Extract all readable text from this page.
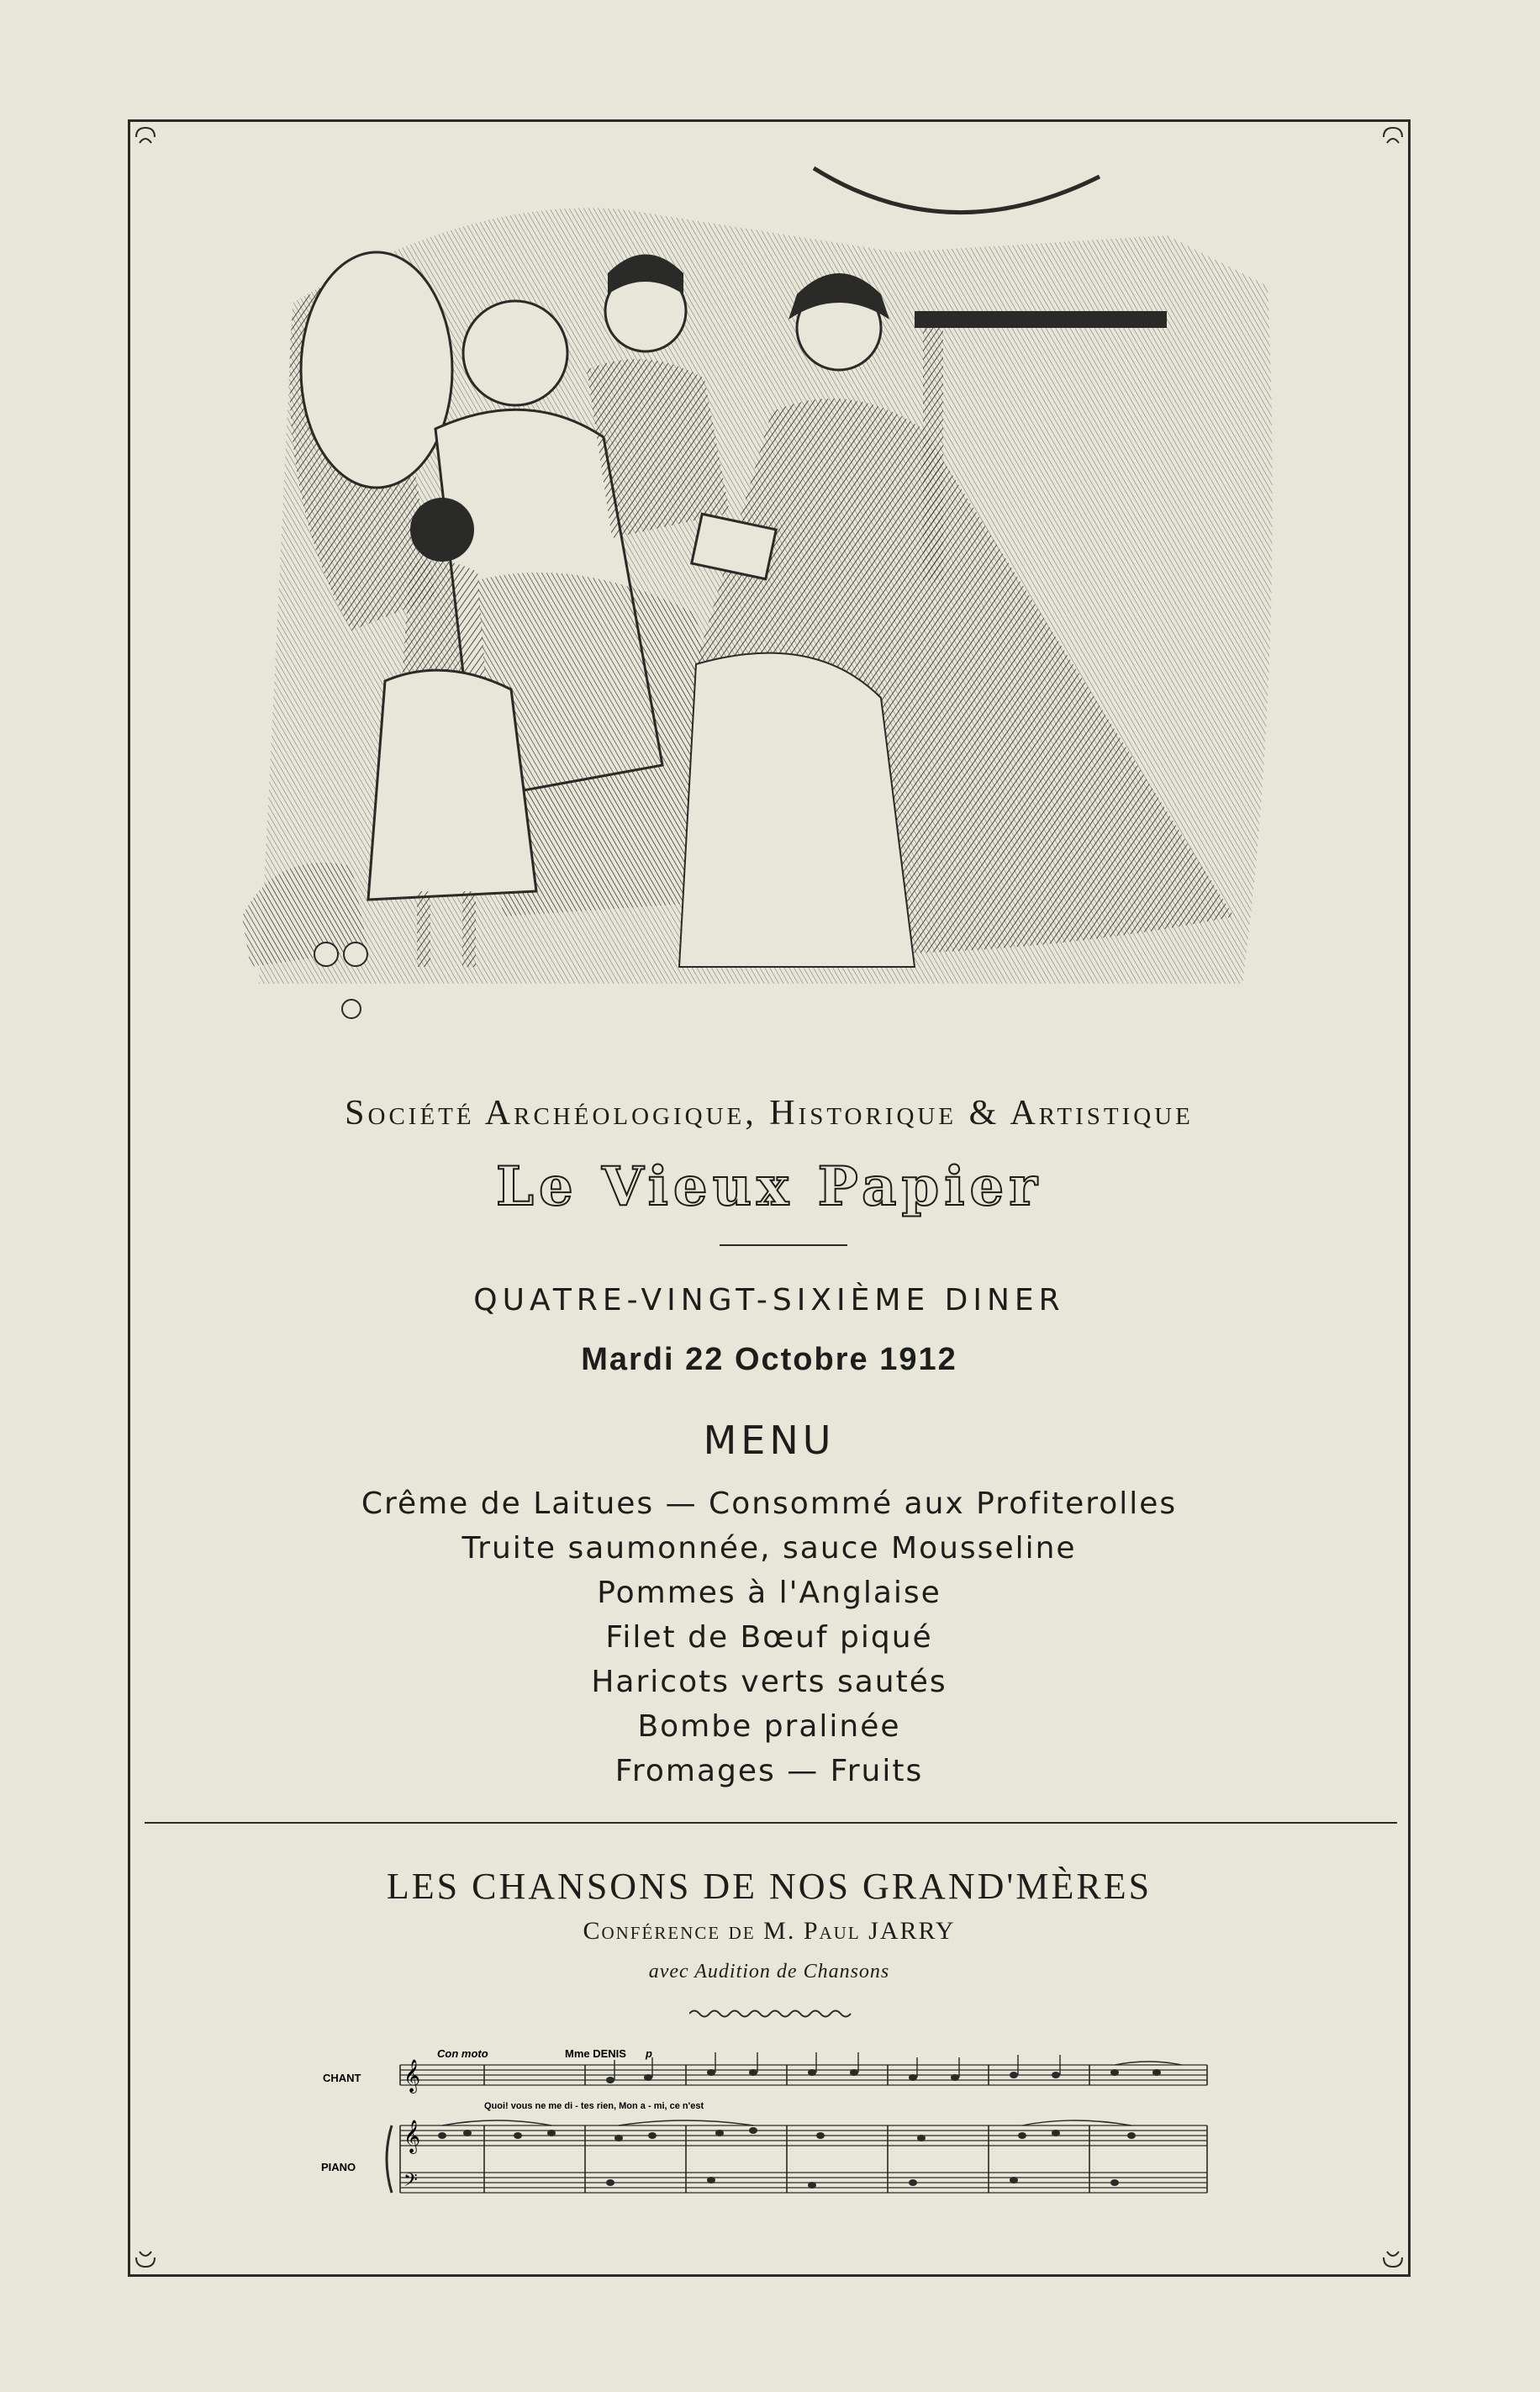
Société Archéologique, Historique & Artistique
Le Vieux Papier
QUATRE-VINGT-SIXIÈME DINER
Mardi 22 Octobre 1912
MENU
Crême de Laitues — Consommé aux Profiterolles
Truite saumonnée, sauce Mousseline
Pommes à l'Anglaise
Filet de Bœuf piqué
Haricots verts sautés
Bombe pralinée
Fromages — Fruits
LES CHANSONS DE NOS GRAND'MÈRES
Conférence de M. Paul JARRY
avec Audition de Chansons
Con moto	Mme DENIS p
CHANT
PIANO
Quoi! vous ne me di - tes rien, Mon a - mi, ce n'est
𝄞
𝄞
𝄢
